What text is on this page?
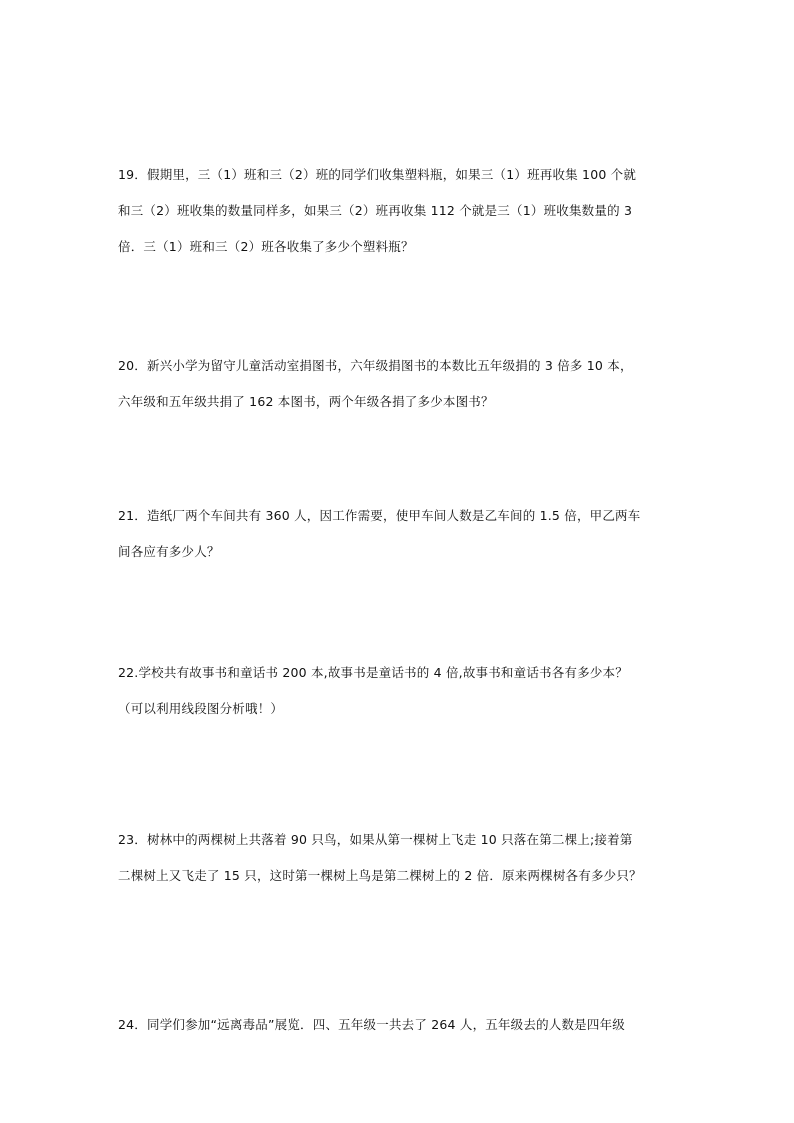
19．假期里，三（1）班和三（2）班的同学们收集塑料瓶，如果三（1）班再收集 100 个就
和三（2）班收集的数量同样多，如果三（2）班再收集 112 个就是三（1）班收集数量的 3
倍．三（1）班和三（2）班各收集了多少个塑料瓶？
20．新兴小学为留守儿童活动室捐图书，六年级捐图书的本数比五年级捐的 3 倍多 10 本，
六年级和五年级共捐了 162 本图书，两个年级各捐了多少本图书？
21．造纸厂两个车间共有 360 人，因工作需要，使甲车间人数是乙车间的 1.5 倍，甲乙两车
间各应有多少人？
22.学校共有故事书和童话书 200 本,故事书是童话书的 4 倍,故事书和童话书各有多少本？
（可以利用线段图分析哦！）
23．树林中的两棵树上共落着 90 只鸟，如果从第一棵树上飞走 10 只落在第二棵上;接着第
二棵树上又飞走了 15 只，这时第一棵树上鸟是第二棵树上的 2 倍．原来两棵树各有多少只？
24．同学们参加“远离毒品”展览．四、五年级一共去了 264 人，五年级去的人数是四年级
